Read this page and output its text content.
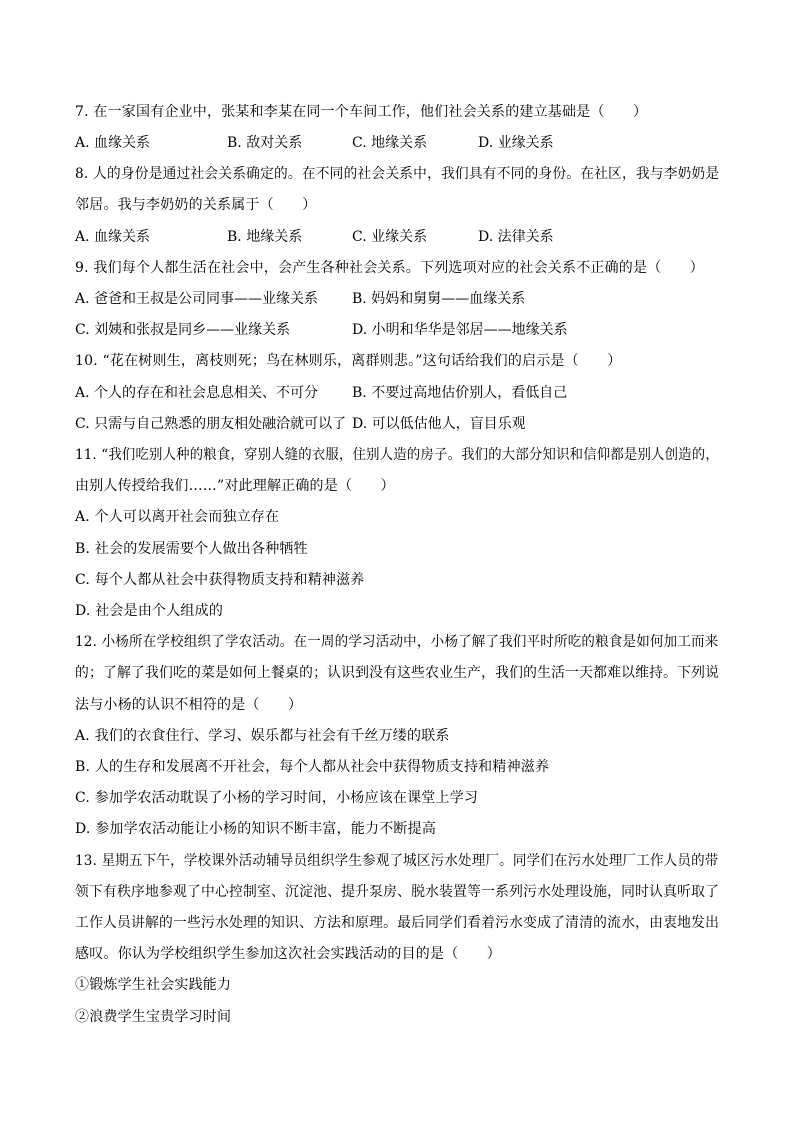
7. 在一家国有企业中，张某和李某在同一个车间工作，他们社会关系的建立基础是（　　）
A. 血缘关系	B. 敌对关系	C. 地缘关系	D. 业缘关系
8. 人的身份是通过社会关系确定的。在不同的社会关系中，我们具有不同的身份。在社区，我与李奶奶是
邻居。我与李奶奶的关系属于（　　）
A. 血缘关系	B. 地缘关系	C. 业缘关系	D. 法律关系
9. 我们每个人都生活在社会中，会产生各种社会关系。下列选项对应的社会关系不正确的是（　　）
A. 爸爸和王叔是公司同事——业缘关系 B. 妈妈和舅舅——血缘关系
C. 刘姨和张叔是同乡——业缘关系	D. 小明和华华是邻居——地缘关系
10. “花在树则生，离枝则死；鸟在林则乐，离群则悲。”这句话给我们的启示是（　　）
A. 个人的存在和社会息息相关、不可分 B. 不要过高地估价别人，看低自己
C. 只需与自己熟悉的朋友相处融洽就可以了 D. 可以低估他人，盲目乐观
11. “我们吃别人种的粮食，穿别人缝的衣服，住别人造的房子。我们的大部分知识和信仰都是别人创造的，
由别人传授给我们……”对此理解正确的是（　　）
A. 个人可以离开社会而独立存在
B. 社会的发展需要个人做出各种牺牲
C. 每个人都从社会中获得物质支持和精神滋养
D. 社会是由个人组成的
12. 小杨所在学校组织了学农活动。在一周的学习活动中，小杨了解了我们平时所吃的粮食是如何加工而来
的；了解了我们吃的菜是如何上餐桌的；认识到没有这些农业生产，我们的生活一天都难以维持。下列说
法与小杨的认识不相符的是（　　）
A. 我们的衣食住行、学习、娱乐都与社会有千丝万缕的联系
B. 人的生存和发展离不开社会，每个人都从社会中获得物质支持和精神滋养
C. 参加学农活动耽误了小杨的学习时间，小杨应该在课堂上学习
D. 参加学农活动能让小杨的知识不断丰富，能力不断提高
13. 星期五下午，学校课外活动辅导员组织学生参观了城区污水处理厂。同学们在污水处理厂工作人员的带
领下有秩序地参观了中心控制室、沉淀池、提升泵房、脱水装置等一系列污水处理设施，同时认真听取了
工作人员讲解的一些污水处理的知识、方法和原理。最后同学们看着污水变成了清清的流水，由衷地发出
感叹。你认为学校组织学生参加这次社会实践活动的目的是（　　）
①锻炼学生社会实践能力
②浪费学生宝贵学习时间
